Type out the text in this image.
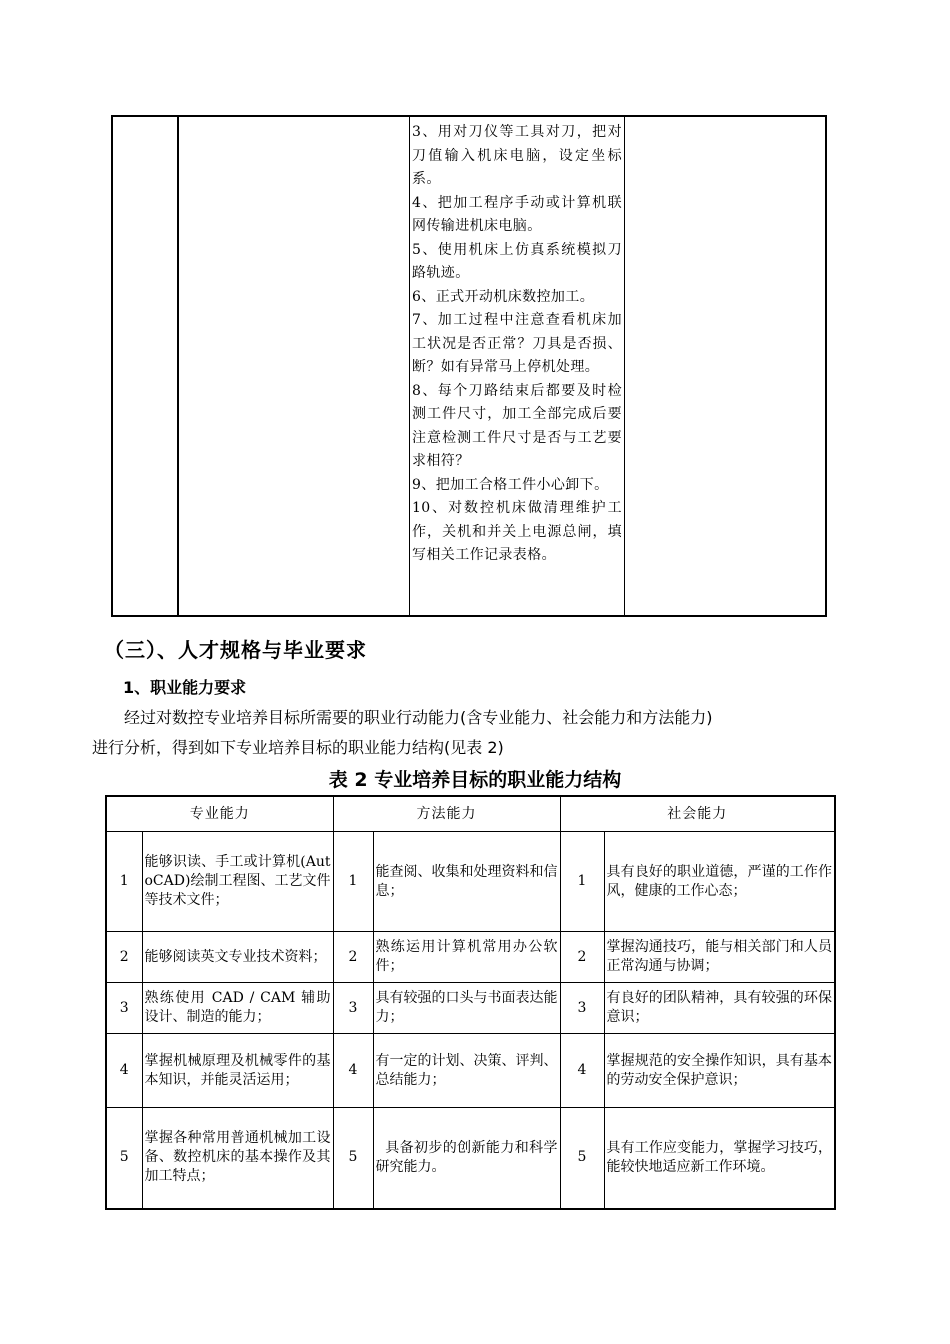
3、用对刀仪等工具对刀，把对刀值输入机床电脑，设定坐标系。
4、把加工程序手动或计算机联网传输进机床电脑。
5、使用机床上仿真系统模拟刀路轨迹。
6、正式开动机床数控加工。
7、加工过程中注意查看机床加工状况是否正常？刀具是否损、断？如有异常马上停机处理。
8、每个刀路结束后都要及时检测工件尺寸，加工全部完成后要注意检测工件尺寸是否与工艺要求相符？
9、把加工合格工件小心卸下。
10、对数控机床做清理维护工作，关机和并关上电源总闸，填写相关工作记录表格。

（三）、人才规格与毕业要求
1、职业能力要求
经过对数控专业培养目标所需要的职业行动能力(含专业能力、社会能力和方法能力)
进行分析，得到如下专业培养目标的职业能力结构(见表 2)
表 2 专业培养目标的职业能力结构
专业能力		方法能力		社会能力	
1	能够识读、手工或计算机(AutoCAD)绘制工程图、工艺文件等技术文件；	1	能查阅、收集和处理资料和信息；	1	具有良好的职业道德，严谨的工作作风，健康的工作心态；
2	能够阅读英文专业技术资料；	2	熟练运用计算机常用办公软件；	2	掌握沟通技巧，能与相关部门和人员正常沟通与协调；
3	熟练使用 CAD / CAM 辅助设计、制造的能力；	3	具有较强的口头与书面表达能力；	3	有良好的团队精神，具有较强的环保意识；
4	掌握机械原理及机械零件的基本知识，并能灵活运用；	4	有一定的计划、决策、评判、总结能力；	4	掌握规范的安全操作知识，具有基本的劳动安全保护意识；
5	掌握各种常用普通机械加工设备、数控机床的基本操作及其加工特点；	5	具备初步的创新能力和科学研究能力。	5	具有工作应变能力，掌握学习技巧，能较快地适应新工作环境。
